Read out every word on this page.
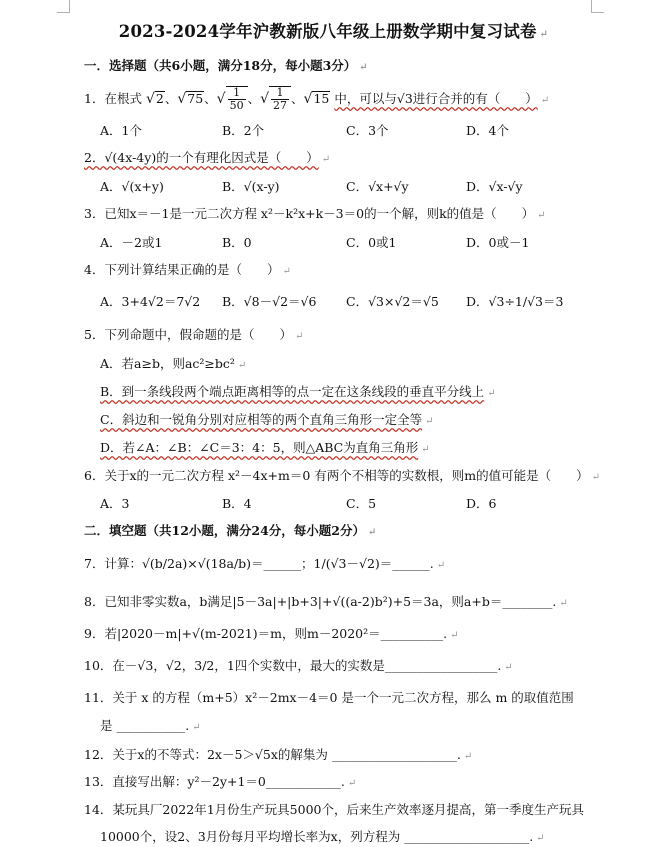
2023-2024学年沪教新版八年级上册数学期中复习试卷 ↵
一．选择题（共6小题，满分18分，每小题3分） ↵
1．在根式 √2、√75、√ $\frac{1}{50}$ 、√ $\frac{1}{27}$ 、√15 中，可以与√3进行合并的有（　　） ↵
A．1个	B．2个	C．3个	D．4个
2．√(4x-4y)的一个有理化因式是（　　） ↵
A．√(x+y)	B．√(x-y)	C．√x+√y	D．√x-√y
3．已知x＝－1是一元二次方程 x²－k²x+k－3＝0的一个解，则k的值是（　　） ↵
A．－2或1	B．0	C．0或1	D．0或－1
4．下列计算结果正确的是（　　） ↵
A．3+4√2＝7√2 B．√8－√2＝√6 C．√3×√2＝√5 D．√3÷1/√3＝3
5．下列命题中，假命题的是（　　） ↵
A．若a≥b，则ac²≥bc² ↵
B．到一条线段两个端点距离相等的点一定在这条线段的垂直平分线上 ↵
C．斜边和一锐角分别对应相等的两个直角三角形一定全等 ↵
D．若∠A：∠B：∠C＝3：4：5，则△ABC为直角三角形 ↵
6．关于x的一元二次方程 x²－4x+m＝0 有两个不相等的实数根，则m的值可能是（　　） ↵
A．3	B．4	C．5	D．6
二．填空题（共12小题，满分24分，每小题2分） ↵
7．计算：√(b/2a)×√(18a/b)＝______；1/(√3－√2)＝______. ↵
8．已知非零实数a，b满足|5－3a|+|b+3|+√((a-2)b²)+5＝3a，则a+b＝________. ↵
9．若|2020－m|+√(m-2021)＝m，则m－2020²＝__________. ↵
10．在－√3，√2，3/2，1四个实数中，最大的实数是__________________. ↵
11．关于 x 的方程（m+5）x²－2mx－4＝0 是一个一元二次方程，那么 m 的取值范围
是 ___________. ↵
12．关于x的不等式：2x－5＞√5x的解集为 ____________________. ↵
13．直接写出解：y²－2y+1＝0____________. ↵
14．某玩具厂2022年1月份生产玩具5000个，后来生产效率逐月提高，第一季度生产玩具
10000个，设2、3月份每月平均增长率为x，列方程为 ____________________. ↵
